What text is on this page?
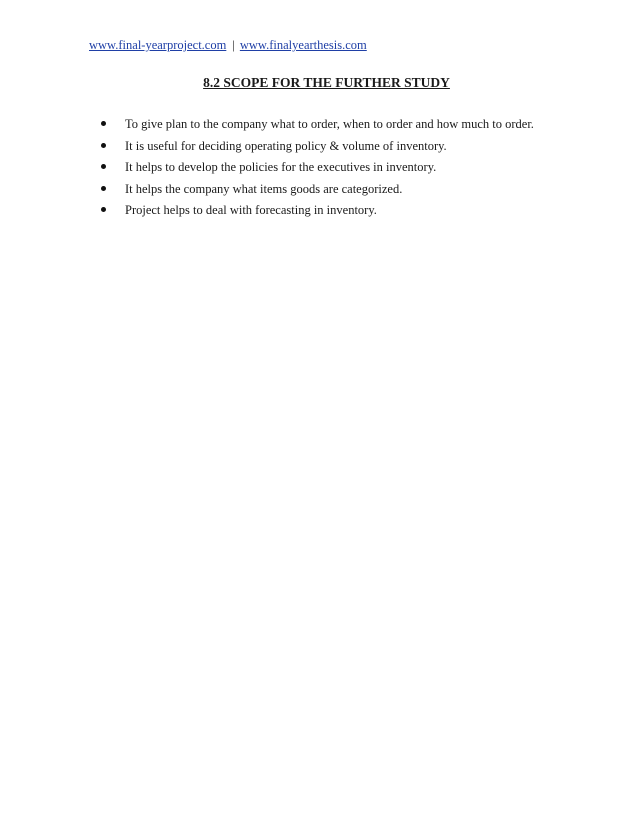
www.final-yearproject.com | www.finalyearthesis.com
8.2 SCOPE FOR THE FURTHER STUDY
To give plan to the company what to order, when to order and how much to order.
It is useful for deciding operating policy & volume of inventory.
It helps to develop the policies for the executives in inventory.
It helps the company what items goods are categorized.
Project helps to deal with forecasting in inventory.
